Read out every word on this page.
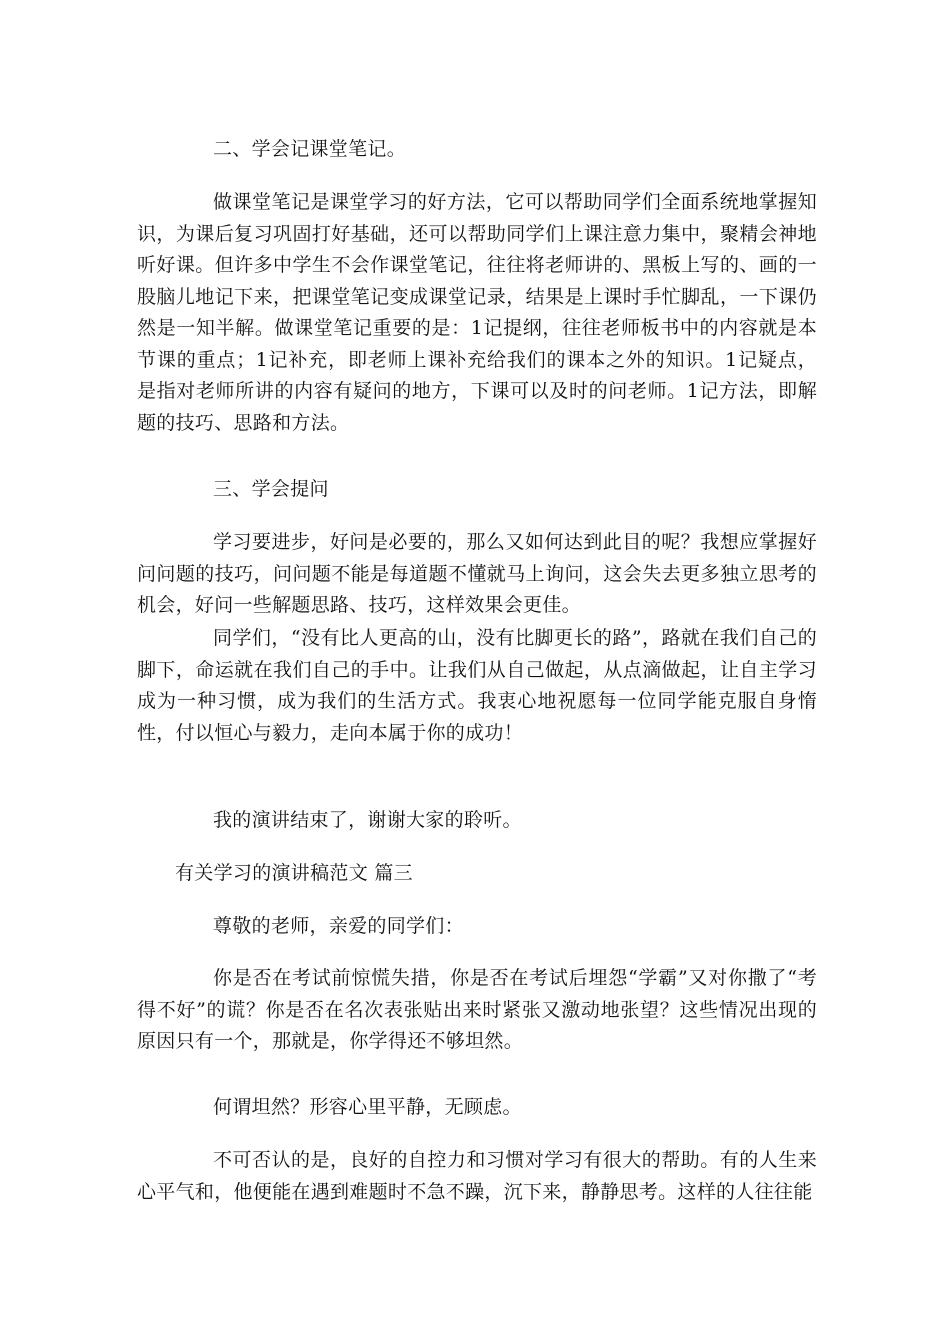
二、学会记课堂笔记。

做课堂笔记是课堂学习的好方法，它可以帮助同学们全面系统地掌握知识，为课后复习巩固打好基础，还可以帮助同学们上课注意力集中，聚精会神地听好课。但许多中学生不会作课堂笔记，往往将老师讲的、黑板上写的、画的一股脑儿地记下来，把课堂笔记变成课堂记录，结果是上课时手忙脚乱，一下课仍然是一知半解。做课堂笔记重要的是：1记提纲，往往老师板书中的内容就是本节课的重点；1记补充，即老师上课补充给我们的课本之外的知识。1记疑点，是指对老师所讲的内容有疑问的地方，下课可以及时的问老师。1记方法，即解题的技巧、思路和方法。

三、学会提问

学习要进步，好问是必要的，那么又如何达到此目的呢？我想应掌握好问问题的技巧，问问题不能是每道题不懂就马上询问，这会失去更多独立思考的机会，好问一些解题思路、技巧，这样效果会更佳。

同学们，“没有比人更高的山，没有比脚更长的路”，路就在我们自己的脚下，命运就在我们自己的手中。让我们从自己做起，从点滴做起，让自主学习成为一种习惯，成为我们的生活方式。我衷心地祝愿每一位同学能克服自身惰性，付以恒心与毅力，走向本属于你的成功！

我的演讲结束了，谢谢大家的聆听。

有关学习的演讲稿范文 篇三

尊敬的老师，亲爱的同学们：

你是否在考试前惊慌失措，你是否在考试后埋怨“学霸”又对你撒了“考得不好”的谎？你是否在名次表张贴出来时紧张又激动地张望？这些情况出现的原因只有一个，那就是，你学得还不够坦然。

何谓坦然？形容心里平静，无顾虑。

不可否认的是，良好的自控力和习惯对学习有很大的帮助。有的人生来心平气和，他便能在遇到难题时不急不躁，沉下来，静静思考。这样的人往往能
